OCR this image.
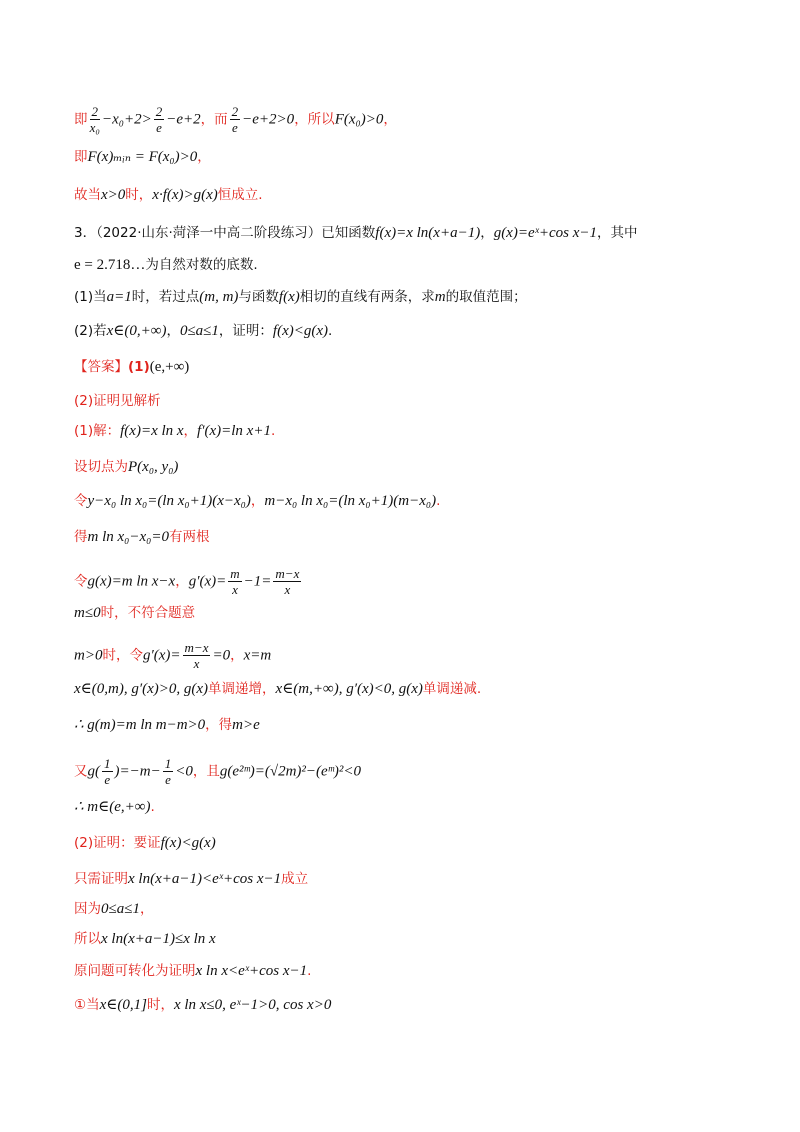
即 $\frac{2}{\text{x₀}} -x_0+2> \frac{2}{e} -e+2$，而 $\frac{2}{e} -e+2>0$，所以F(x₀)>0，
即F(x)ₘᵢₙ = F(x₀)>0，
故当x>0时，x·f(x)>g(x)恒成立.
3．（2022·山东·菏泽一中高二阶段练习）已知函数f(x)=x ln(x+a−1)，g(x)=eˣ+cos x−1，其中
e = 2.718…为自然对数的底数.
(1)当a=1时，若过点(m, m)与函数f(x)相切的直线有两条，求m的取值范围；
(2)若x∈(0,+∞)，0≤a≤1，证明：f(x)<g(x).
【答案】(1)(e,+∞)
(2)证明见解析
(1)解：f(x)=x ln x，f′(x)=ln x+1.
设切点为P(x₀, y₀)
令y−x₀ ln x₀=(ln x₀+1)(x−x₀)，m−x₀ ln x₀=(ln x₀+1)(m−x₀).
得m ln x₀−x₀=0有两根
令g(x)=m ln x−x，$g'(x)= \frac{m}{x} -1= \frac{m-x}{x}$
m≤0时，不符合题意
m>0时，令$g'(x)= \frac{m-x}{x} =0$，x=m
x∈(0,m), g′(x)>0, g(x)单调递增，x∈(m,+∞), g′(x)<0, g(x)单调递减.
∴ g(m)=m ln m−m>0，得m>e
又$g( \frac{1}{e} )=-m- \frac{1}{e} <0$，且g(e²ᵐ)=(√2m)²−(eᵐ)²<0
∴ m∈(e,+∞).
(2)证明：要证f(x)<g(x)
只需证明x ln(x+a−1)<eˣ+cos x−1成立
因为0≤a≤1，
所以x ln(x+a−1)≤x ln x
原问题可转化为证明x ln x<eˣ+cos x−1.
①当x∈(0,1]时，x ln x≤0, eˣ−1>0, cos x>0
